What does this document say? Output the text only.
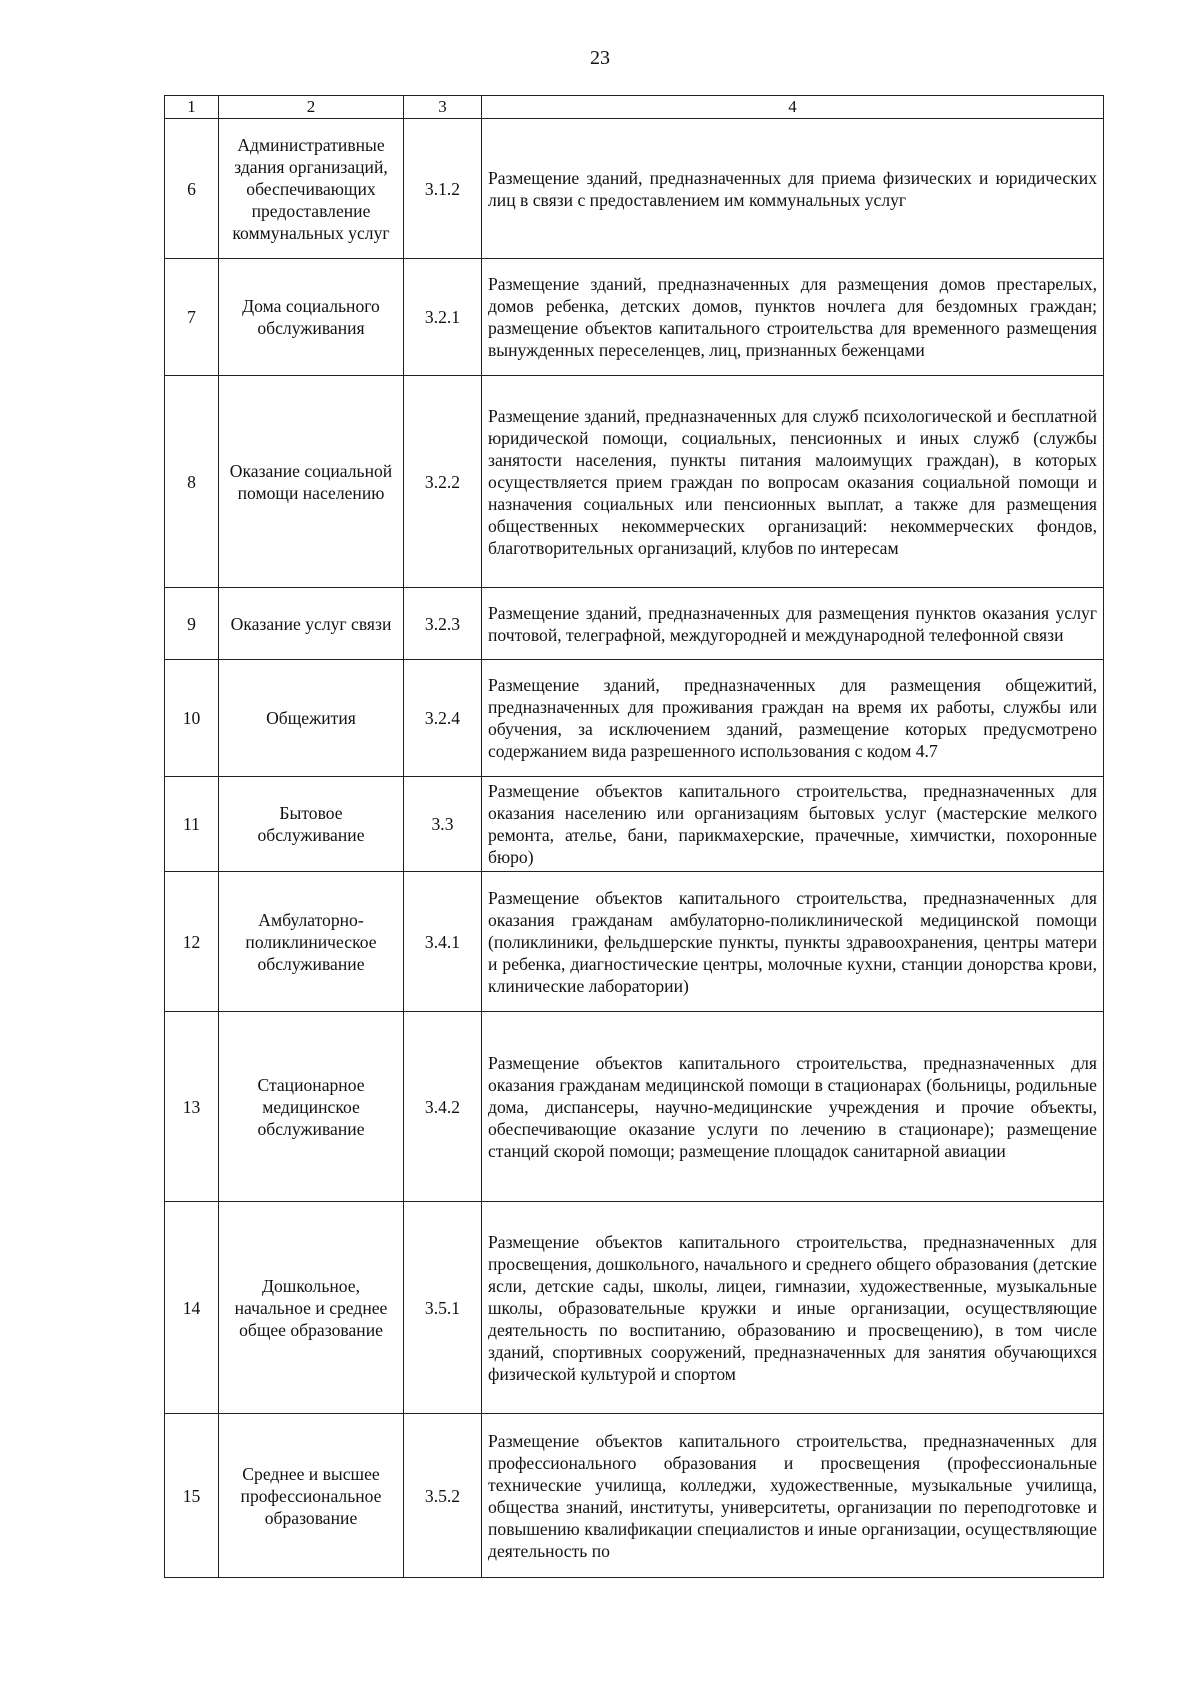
23
1	2	3	4
6	Административные здания организаций, обеспечивающих предоставление коммунальных услуг	3.1.2	Размещение зданий, предназначенных для приема физических и юридических лиц в связи с предоставлением им коммунальных услуг
7	Дома социального обслуживания	3.2.1	Размещение зданий, предназначенных для размещения домов престарелых, домов ребенка, детских домов, пунктов ночлега для бездомных граждан; размещение объектов капитального строительства для временного размещения вынужденных переселенцев, лиц, признанных беженцами
8	Оказание социальной помощи населению	3.2.2	Размещение зданий, предназначенных для служб психологической и бесплатной юридической помощи, социальных, пенсионных и иных служб (службы занятости населения, пункты питания малоимущих граждан), в которых осуществляется прием граждан по вопросам оказания социальной помощи и назначения социальных или пенсионных выплат, а также для размещения общественных некоммерческих организаций: некоммерческих фондов, благотворительных организаций, клубов по интересам
9	Оказание услуг связи	3.2.3	Размещение зданий, предназначенных для размещения пунктов оказания услуг почтовой, телеграфной, междугородней и международной телефонной связи
10	Общежития	3.2.4	Размещение зданий, предназначенных для размещения общежитий, предназначенных для проживания граждан на время их работы, службы или обучения, за исключением зданий, размещение которых предусмотрено содержанием вида разрешенного использования с кодом 4.7
11	Бытовое обслуживание	3.3	Размещение объектов капитального строительства, предназначенных для оказания населению или организациям бытовых услуг (мастерские мелкого ремонта, ателье, бани, парикмахерские, прачечные, химчистки, похоронные бюро)
12	Амбулаторно-поликлиническое обслуживание	3.4.1	Размещение объектов капитального строительства, предназначенных для оказания гражданам амбулаторно-поликлинической медицинской помощи (поликлиники, фельдшерские пункты, пункты здравоохранения, центры матери и ребенка, диагностические центры, молочные кухни, станции донорства крови, клинические лаборатории)
13	Стационарное медицинское обслуживание	3.4.2	Размещение объектов капитального строительства, предназначенных для оказания гражданам медицинской помощи в стационарах (больницы, родильные дома, диспансеры, научно-медицинские учреждения и прочие объекты, обеспечивающие оказание услуги по лечению в стационаре); размещение станций скорой помощи; размещение площадок санитарной авиации
14	Дошкольное, начальное и среднее общее образование	3.5.1	Размещение объектов капитального строительства, предназначенных для просвещения, дошкольного, начального и среднего общего образования (детские ясли, детские сады, школы, лицеи, гимназии, художественные, музыкальные школы, образовательные кружки и иные организации, осуществляющие деятельность по воспитанию, образованию и просвещению), в том числе зданий, спортивных сооружений, предназначенных для занятия обучающихся физической культурой и спортом
15	Среднее и высшее профессиональное образование	3.5.2	Размещение объектов капитального строительства, предназначенных для профессионального образования и просвещения (профессиональные технические училища, колледжи, художественные, музыкальные училища, общества знаний, институты, университеты, организации по переподготовке и повышению квалификации специалистов и иные организации, осуществляющие деятельность по
